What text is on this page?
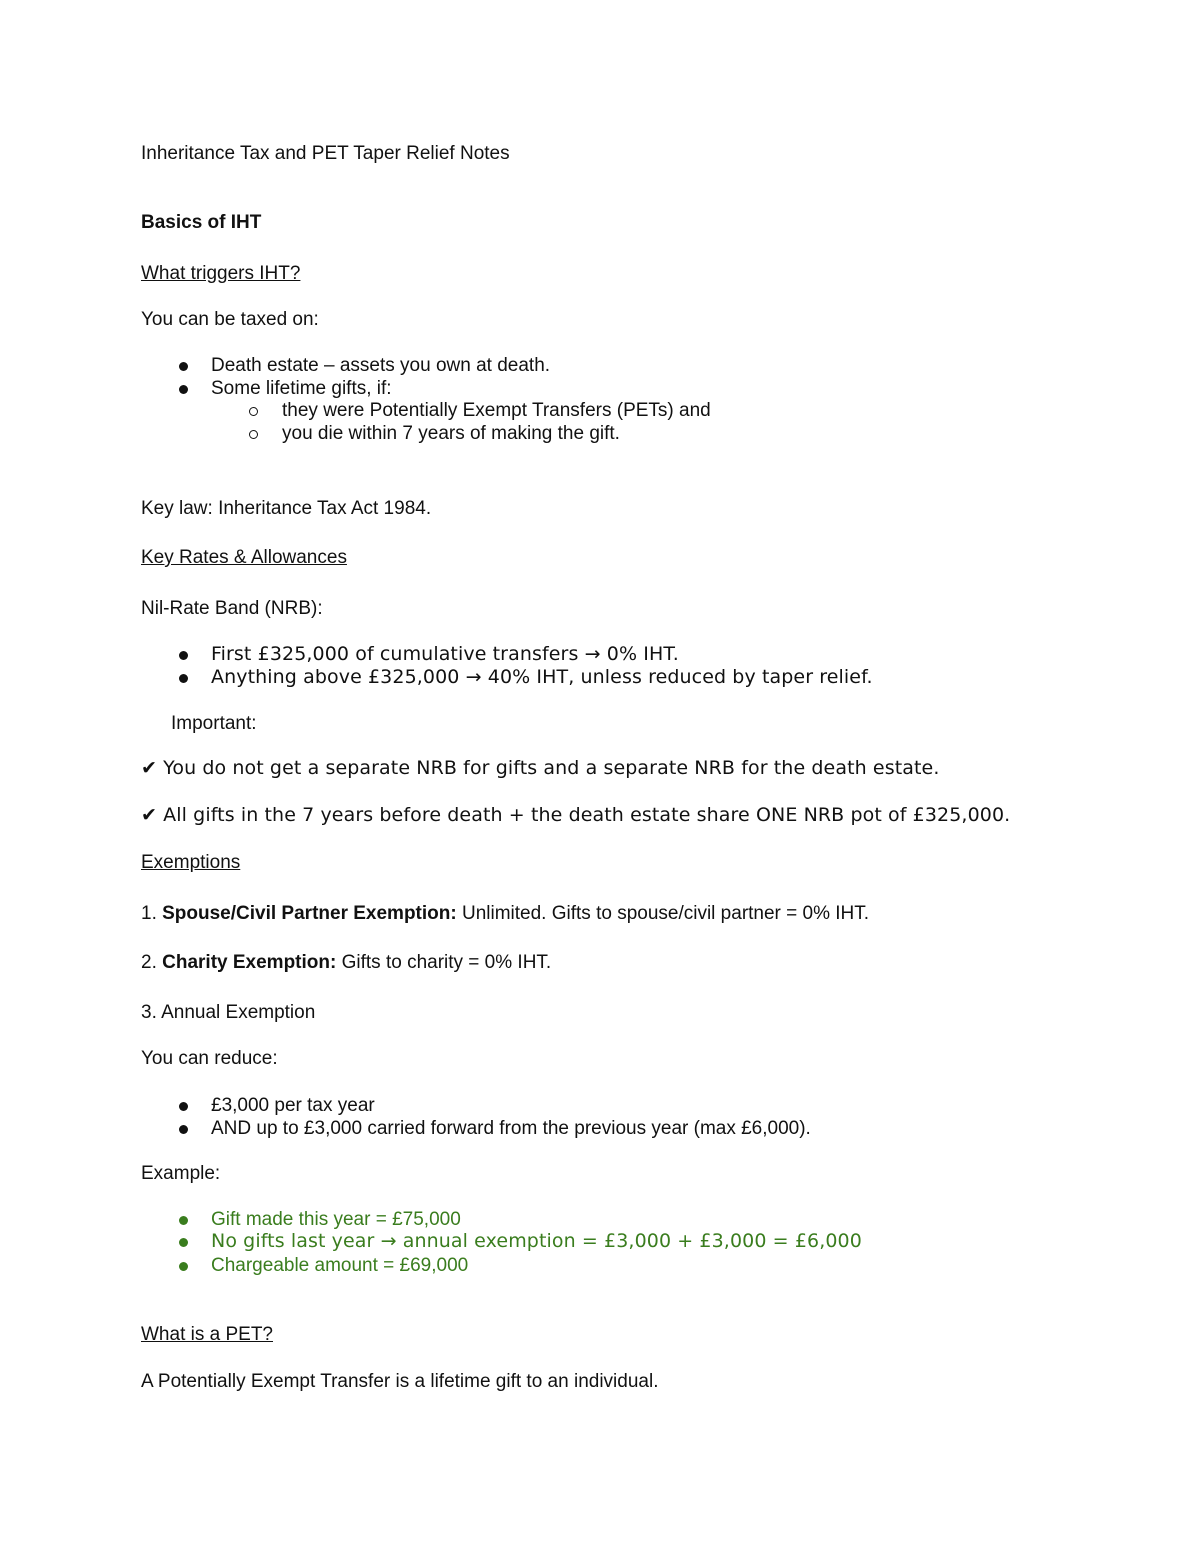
Inheritance Tax and PET Taper Relief Notes
Basics of IHT
What triggers IHT?
You can be taxed on:
Death estate – assets you own at death.
Some lifetime gifts, if:
they were Potentially Exempt Transfers (PETs) and
you die within 7 years of making the gift.
Key law: Inheritance Tax Act 1984.
Key Rates & Allowances
Nil-Rate Band (NRB):
First £325,000 of cumulative transfers → 0% IHT.
Anything above £325,000 → 40% IHT, unless reduced by taper relief.
Important:
✔ You do not get a separate NRB for gifts and a separate NRB for the death estate.
✔ All gifts in the 7 years before death + the death estate share ONE NRB pot of £325,000.
Exemptions
1. Spouse/Civil Partner Exemption: Unlimited. Gifts to spouse/civil partner = 0% IHT.
2. Charity Exemption: Gifts to charity = 0% IHT.
3. Annual Exemption
You can reduce:
£3,000 per tax year
AND up to £3,000 carried forward from the previous year (max £6,000).
Example:
Gift made this year = £75,000
No gifts last year → annual exemption = £3,000 + £3,000 = £6,000
Chargeable amount = £69,000
What is a PET?
A Potentially Exempt Transfer is a lifetime gift to an individual.
